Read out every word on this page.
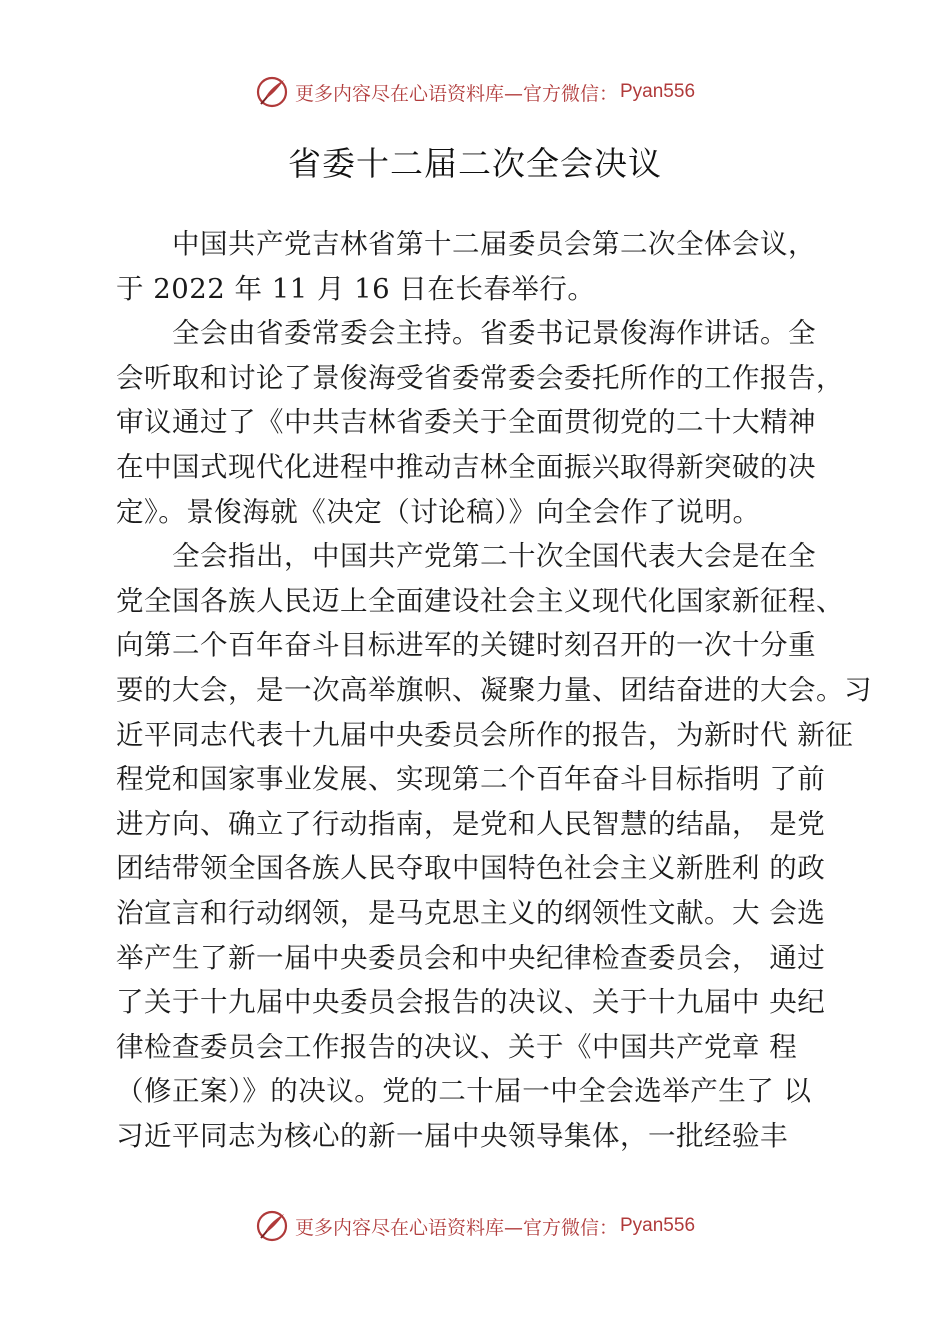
更多内容尽在心语资料库—官方微信： Pyan556
省委十二届二次全会决议
中国共产党吉林省第十二届委员会第二次全体会议，
于 2022 年 11 月 16 日在长春举行。
全会由省委常委会主持。省委书记景俊海作讲话。全
会听取和讨论了景俊海受省委常委会委托所作的工作报告，
审议通过了《中共吉林省委关于全面贯彻党的二十大精神
在中国式现代化进程中推动吉林全面振兴取得新突破的决
定》。景俊海就《决定（讨论稿）》向全会作了说明。
全会指出，中国共产党第二十次全国代表大会是在全
党全国各族人民迈上全面建设社会主义现代化国家新征程、
向第二个百年奋斗目标进军的关键时刻召开的一次十分重
要的大会，是一次高举旗帜、凝聚力量、团结奋进的大会。习
近平同志代表十九届中央委员会所作的报告，为新时代 新征
程党和国家事业发展、实现第二个百年奋斗目标指明 了前
进方向、确立了行动指南，是党和人民智慧的结晶， 是党
团结带领全国各族人民夺取中国特色社会主义新胜利 的政
治宣言和行动纲领，是马克思主义的纲领性文献。大 会选
举产生了新一届中央委员会和中央纪律检查委员会， 通过
了关于十九届中央委员会报告的决议、关于十九届中 央纪
律检查委员会工作报告的决议、关于《中国共产党章 程
（修正案）》的决议。党的二十届一中全会选举产生了 以
习近平同志为核心的新一届中央领导集体，一批经验丰
更多内容尽在心语资料库—官方微信： Pyan556
